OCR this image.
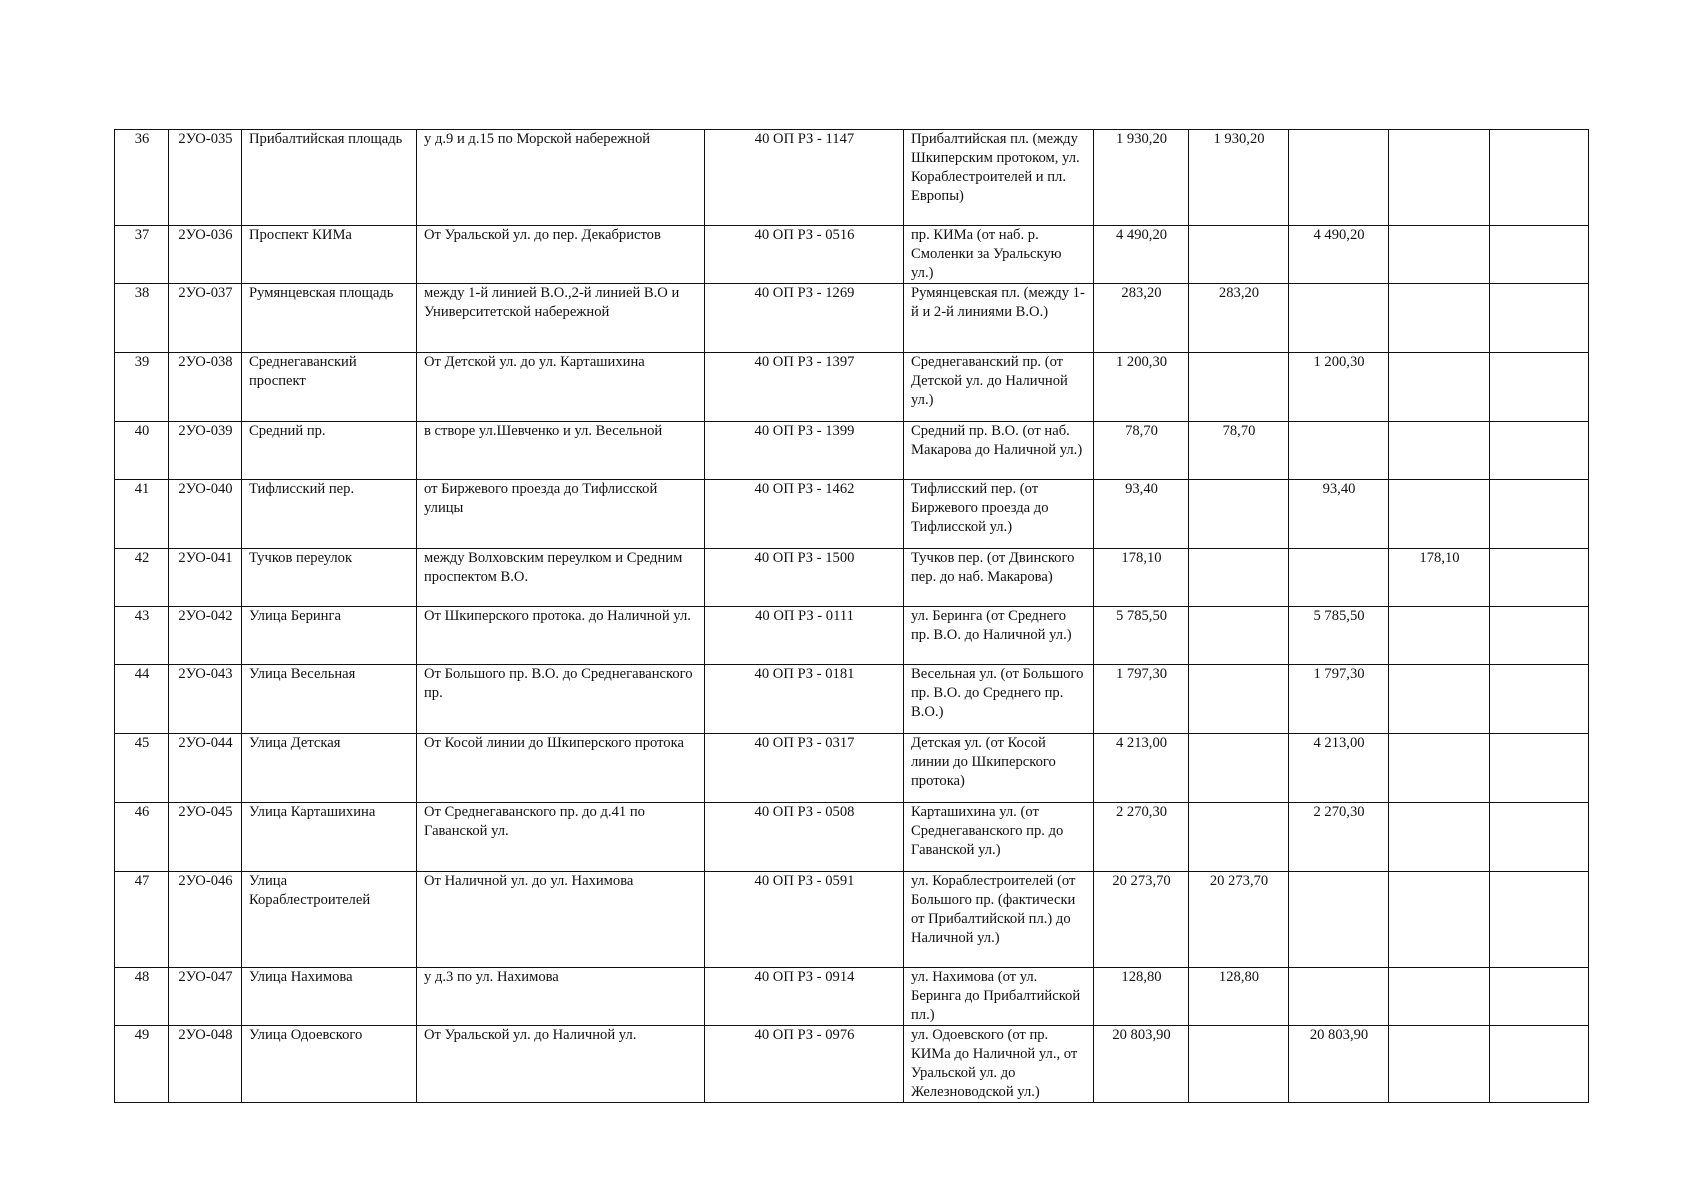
36	2УО-035	Прибалтийская площадь	у д.9 и д.15 по Морской набережной	40 ОП РЗ - 1147	Прибалтийская пл. (между Шкиперским протоком, ул. Кораблестроителей и пл. Европы)	1 930,20	1 930,20			
37	2УО-036	Проспект КИМа	От Уральской ул. до пер. Декабристов	40 ОП РЗ - 0516	пр. КИМа (от наб. р. Смоленки за Уральскую ул.)	4 490,20		4 490,20		
38	2УО-037	Румянцевская площадь	между 1-й линией В.О.,2-й линией В.О и Университетской набережной	40 ОП РЗ - 1269	Румянцевская пл. (между 1-й и 2-й линиями В.О.)	283,20	283,20			
39	2УО-038	Среднегаванский проспект	От Детской ул. до ул. Карташихина	40 ОП РЗ - 1397	Среднегаванский пр. (от Детской ул. до Наличной ул.)	1 200,30		1 200,30		
40	2УО-039	Средний пр.	в створе ул.Шевченко и ул. Весельной	40 ОП РЗ - 1399	Средний пр. В.О. (от наб. Макарова до Наличной ул.)	78,70	78,70			
41	2УО-040	Тифлисский пер.	от Биржевого проезда до Тифлисской улицы	40 ОП РЗ - 1462	Тифлисский пер. (от Биржевого проезда до Тифлисской ул.)	93,40		93,40		
42	2УО-041	Тучков переулок	между Волховским переулком и Средним проспектом В.О.	40 ОП РЗ - 1500	Тучков пер. (от Двинского пер. до наб. Макарова)	178,10			178,10	
43	2УО-042	Улица Беринга	От Шкиперского протока. до Наличной ул.	40 ОП РЗ - 0111	ул. Беринга (от Среднего пр. В.О. до Наличной ул.)	5 785,50		5 785,50		
44	2УО-043	Улица Весельная	От Большого пр. В.О. до Среднегаванского пр.	40 ОП РЗ - 0181	Весельная ул. (от Большого пр. В.О. до Среднего пр. В.О.)	1 797,30		1 797,30		
45	2УО-044	Улица Детская	От Косой линии до Шкиперского протока	40 ОП РЗ - 0317	Детская ул. (от Косой линии до Шкиперского протока)	4 213,00		4 213,00		
46	2УО-045	Улица Карташихина	От Среднегаванского пр. до д.41 по Гаванской ул.	40 ОП РЗ - 0508	Карташихина ул. (от Среднегаванского пр. до Гаванской ул.)	2 270,30		2 270,30		
47	2УО-046	Улица Кораблестроителей	От Наличной ул. до ул. Нахимова	40 ОП РЗ - 0591	ул. Кораблестроителей (от Большого пр. (фактически от Прибалтийской пл.) до Наличной ул.)	20 273,70	20 273,70			
48	2УО-047	Улица Нахимова	у д.3 по ул. Нахимова	40 ОП РЗ - 0914	ул. Нахимова (от ул. Беринга до Прибалтийской пл.)	128,80	128,80			
49	2УО-048	Улица Одоевского	От Уральской ул. до Наличной ул.	40 ОП РЗ - 0976	ул. Одоевского (от пр. КИМа до Наличной ул., от Уральской ул. до Железноводской ул.)	20 803,90		20 803,90		
